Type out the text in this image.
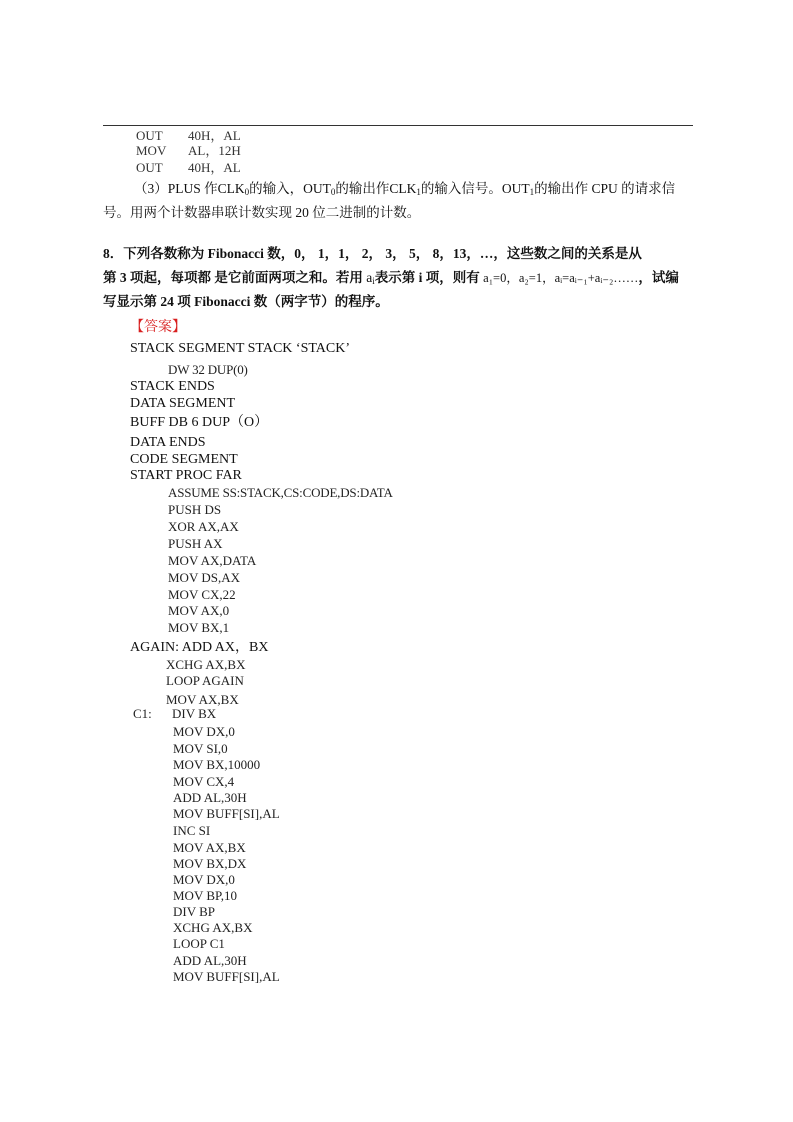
OUT 40H，AL
MOV AL，12H
OUT 40H，AL
（3）PLUS 作$CLK_0$的输入，$OUT_0$的输出作$CLK_1$的输入信号。$OUT_1$的输出作 CPU 的请求信
号。用两个计数器串联计数实现 20 位二进制的计数。
8．下列各数称为 Fibonacci 数，0， 1，1， 2， 3， 5， 8，13，…，这些数之间的关系是从
第 3 项起，每项都 是它前面两项之和。若用 $a_i$表示第 i 项，则有 a₁=0，a₂=1，aᵢ=aᵢ₋₁+aᵢ₋₂……，试编
写显示第 24 项 Fibonacci 数（两字节）的程序。
【答案】
STACK SEGMENT STACK ‘STACK’
DW 32 DUP(0)
STACK ENDS
DATA SEGMENT
BUFF DB 6 DUP（O）
DATA ENDS
CODE SEGMENT
START PROC FAR
ASSUME SS:STACK,CS:CODE,DS:DATA
PUSH DS
XOR AX,AX
PUSH AX
MOV AX,DATA
MOV DS,AX
MOV CX,22
MOV AX,0
MOV BX,1
AGAIN: ADD AX，BX
XCHG AX,BX
LOOP AGAIN
MOV AX,BX
C1: DIV BX
MOV DX,0
MOV SI,0
MOV BX,10000
MOV CX,4
ADD AL,30H
MOV BUFF[SI],AL
INC SI
MOV AX,BX
MOV BX,DX
MOV DX,0
MOV BP,10
DIV BP
XCHG AX,BX
LOOP C1
ADD AL,30H
MOV BUFF[SI],AL
